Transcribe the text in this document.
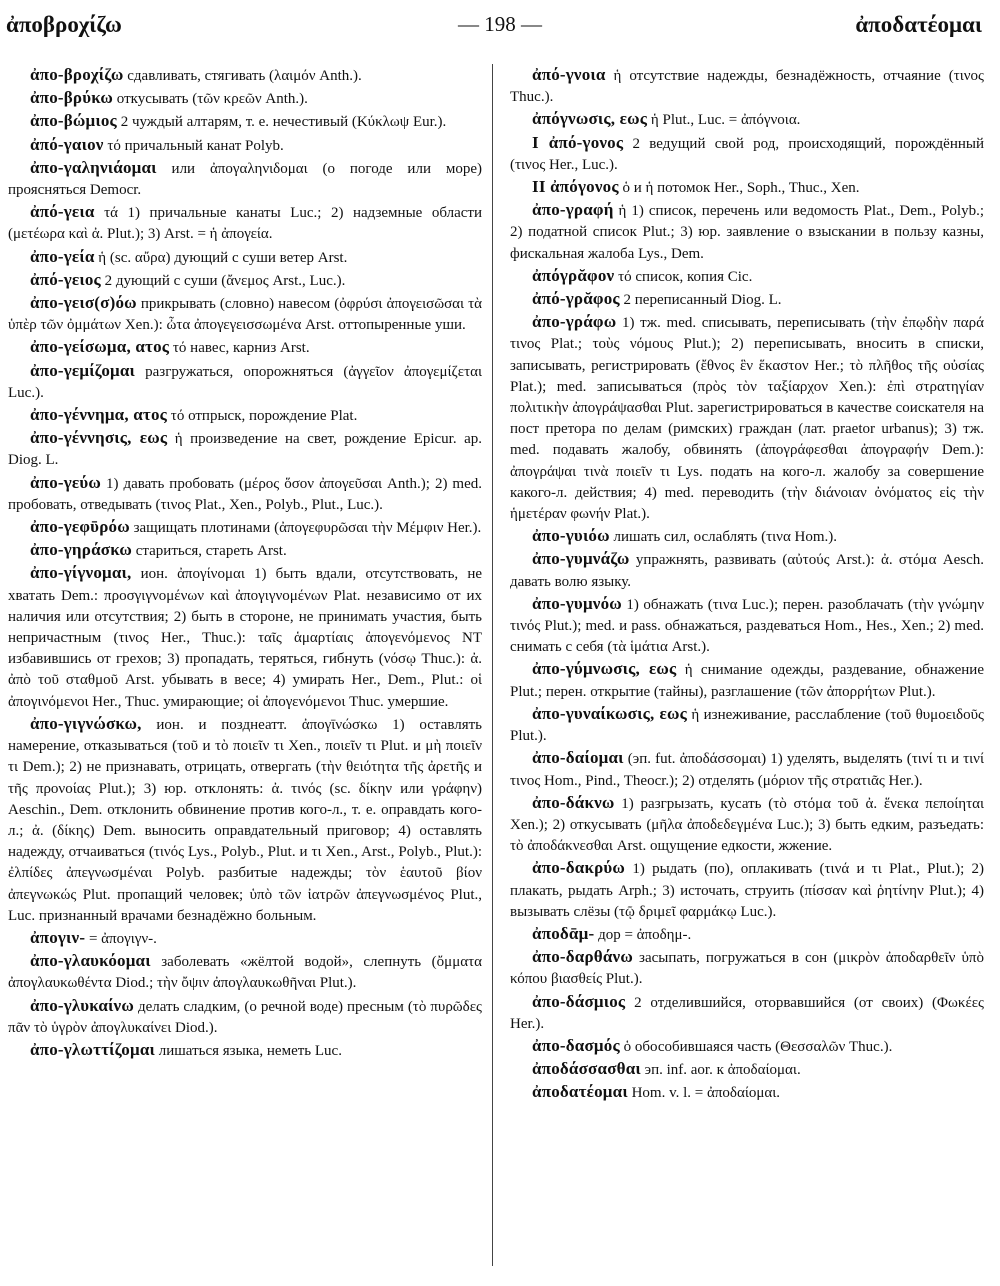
ἀποβροχίζω	— 198 —	ἀποδατέομαι

ἀπο-βροχίζω сдавливать, стягивать (λαιμόν Anth.).

ἀπο-βρύκω откусывать (τῶν κρεῶν Anth.).

ἀπο-βώμιος 2 чуждый алтарям, т. е. нечестивый (Κύκλωψ Eur.).

ἀπό-γαιον τό причальный канат Polyb.

ἀπο-γαληνιάομαι или ἀπογαληνιδομαι (о погоде или море) проясняться Democr.

ἀπό-γεια τά 1) причальные канаты Luc.; 2) надземные области (μετέωρα καὶ ἀ. Plut.); 3) Arst. = ἡ ἀπογεία.

ἀπο-γεία ἡ (sc. αὔρα) дующий с суши ветер Arst.

ἀπό-γειος 2 дующий с суши (ἄνεμος Arst., Luc.).

ἀπο-γεισ(σ)όω прикрывать (словно) навесом (ὀφρύσι ἀπογεισῶσαι τὰ ὑπὲρ τῶν ὀμμάτων Xen.): ὦτα ἀπογεγεισσωμένα Arst. оттопыренные уши.

ἀπο-γείσωμα, ατος τό навес, карниз Arst.

ἀπο-γεμίζομαι разгружаться, опорожняться (ἀγγεῖον ἀπογεμίζεται Luc.).

ἀπο-γέννημα, ατος τό отпрыск, порождение Plat.

ἀπο-γέννησις, εως ἡ произведение на свет, рождение Epicur. ap. Diog. L.

ἀπο-γεύω 1) давать пробовать (μέρος ὅσον ἀπογεῦσαι Anth.); 2) med. пробовать, отведывать (τινος Plat., Xen., Polyb., Plut., Luc.).

ἀπο-γεφῡρόω защищать плотинами (ἀπογεφυρῶσαι τὴν Μέμφιν Her.).

ἀπο-γηράσκω стариться, стареть Arst.

ἀπο-γίγνομαι, ион. ἀπογίνομαι 1) быть вдали, отсутствовать, не хватать Dem.: προσγιγνομένων καὶ ἀπογιγνομένων Plat. независимо от их наличия или отсутствия; 2) быть в стороне, не принимать участия, быть непричастным (τινος Her., Thuc.): ταῖς ἁμαρτίαις ἀπογενόμενος NT избавившись от грехов; 3) пропадать, теряться, гибнуть (νόσῳ Thuc.): ἀ. ἀπὸ τοῦ σταθμοῦ Arst. убывать в весе; 4) умирать Her., Dem., Plut.: οἱ ἀπογινόμενοι Her., Thuc. умирающие; οἱ ἀπογενόμενοι Thuc. умершие.

ἀπο-γιγνώσκω, ион. и позднеатт. ἀπογῑνώσκω 1) оставлять намерение, отказываться (τοῦ и τὸ ποιεῖν τι Xen., ποιεῖν τι Plut. и μὴ ποιεῖν τι Dem.); 2) не признавать, отрицать, отвергать (τὴν θειότητα τῆς ἀρετῆς и τῆς προνοίας Plut.); 3) юр. отклонять: ἀ. τινός (sc. δίκην или γράφην) Aeschin., Dem. отклонить обвинение против кого-л., т. е. оправдать кого-л.; ἀ. (δίκης) Dem. выносить оправдательный приговор; 4) оставлять надежду, отчаиваться (τινός Lys., Polyb., Plut. и τι Xen., Arst., Polyb., Plut.): ἐλπίδες ἀπεγνωσμέναι Polyb. разбитые надежды; τὸν ἑαυτοῦ βίον ἀπεγνωκώς Plut. пропащий человек; ὑπὸ τῶν ἰατρῶν ἀπεγνωσμένος Plut., Luc. признанный врачами безнадёжно больным.

ἀπογιν- = ἀπογιγν-.

ἀπο-γλαυκόομαι заболевать «жёлтой водой», слепнуть (ὄμματα ἀπογλαυκωθέντα Diod.; τὴν ὄψιν ἀπογλαυκωθῆναι Plut.).

ἀπο-γλυκαίνω делать сладким, (о речной воде) пресным (τὸ πυρῶδες πᾶν τὸ ὑγρὸν ἀπογλυκαίνει Diod.).

ἀπο-γλωττίζομαι лишаться языка, неметь Luc.

ἀπό-γνοια ἡ отсутствие надежды, безнадёжность, отчаяние (τινος Thuc.).

ἀπόγνωσις, εως ἡ Plut., Luc. = ἀπόγνοια.

I ἀπό-γονος 2 ведущий свой род, происходящий, порождённый (τινος Her., Luc.).

II ἀπόγονος ὁ и ἡ потомок Her., Soph., Thuc., Xen.

ἀπο-γραφή ἡ 1) список, перечень или ведомость Plat., Dem., Polyb.; 2) податной список Plut.; 3) юр. заявление о взыскании в пользу казны, фискальная жалоба Lys., Dem.

ἀπόγρᾰφον τό список, копия Cic.

ἀπό-γρᾰφος 2 переписанный Diog. L.

ἀπο-γράφω 1) тж. med. списывать, переписывать (τὴν ἐπῳδὴν παρά τινος Plat.; τοὺς νόμους Plut.); 2) переписывать, вносить в списки, записывать, регистрировать (ἔθνος ἓν ἕκαστον Her.; τὸ πλῆθος τῆς οὐσίας Plat.); med. записываться (πρὸς τὸν ταξίαρχον Xen.): ἐπὶ στρατηγίαν πολιτικὴν ἀπογράψασθαι Plut. зарегистрироваться в качестве соискателя на пост претора по делам (римских) граждан (лат. praetor urbanus); 3) тж. med. подавать жалобу, обвинять (ἀπογράφεσθαι ἀπογραφήν Dem.): ἀπογράψαι τινὰ ποιεῖν τι Lys. подать на кого-л. жалобу за совершение какого-л. действия; 4) med. переводить (τὴν διάνοιαν ὀνόματος εἰς τὴν ἡμετέραν φωνήν Plat.).

ἀπο-γυιόω лишать сил, ослаблять (τινα Hom.).

ἀπο-γυμνάζω упражнять, развивать (αὐτούς Arst.): ἀ. στόμα Aesch. давать волю языку.

ἀπο-γυμνόω 1) обнажать (τινα Luc.); перен. разоблачать (τὴν γνώμην τινός Plut.); med. и pass. обнажаться, раздеваться Hom., Hes., Xen.; 2) med. снимать с себя (τὰ ἱμάτια Arst.).

ἀπο-γύμνωσις, εως ἡ снимание одежды, раздевание, обнажение Plut.; перен. открытие (тайны), разглашение (τῶν ἀπορρήτων Plut.).

ἀπο-γυναίκωσις, εως ἡ изнеживание, расслабление (τοῦ θυμοειδοῦς Plut.).

ἀπο-δαίομαι (эп. fut. ἀποδάσσομαι) 1) уделять, выделять (τινί τι и τινί τινος Hom., Pind., Theocr.); 2) отделять (μόριον τῆς στρατιᾶς Her.).

ἀπο-δάκνω 1) разгрызать, кусать (τὸ στόμα τοῦ ἀ. ἕνεκα πεποίηται Xen.); 2) откусывать (μῆλα ἀποδεδεγμένα Luc.); 3) быть едким, разъедать: τὸ ἀποδάκνεσθαι Arst. ощущение едкости, жжение.

ἀπο-δακρύω 1) рыдать (по), оплакивать (τινά и τι Plat., Plut.); 2) плакать, рыдать Arph.; 3) источать, струить (πίσσαν καὶ ῥητίνην Plut.); 4) вызывать слёзы (τῷ δριμεῖ φαρμάκῳ Luc.).

ἀποδᾱμ- дор = ἀποδημ-.

ἀπο-δαρθάνω засыпать, погружаться в сон (μικρὸν ἀποδαρθεῖν ὑπὸ κόπου βιασθείς Plut.).

ἀπο-δάσμιος 2 отделившийся, оторвавшийся (от своих) (Φωκέες Her.).

ἀπο-δασμός ὁ обособившаяся часть (Θεσσαλῶν Thuc.).

ἀποδάσσασθαι эп. inf. aor. к ἀποδαίομαι.

ἀποδατέομαι Hom. v. l. = ἀποδαίομαι.
